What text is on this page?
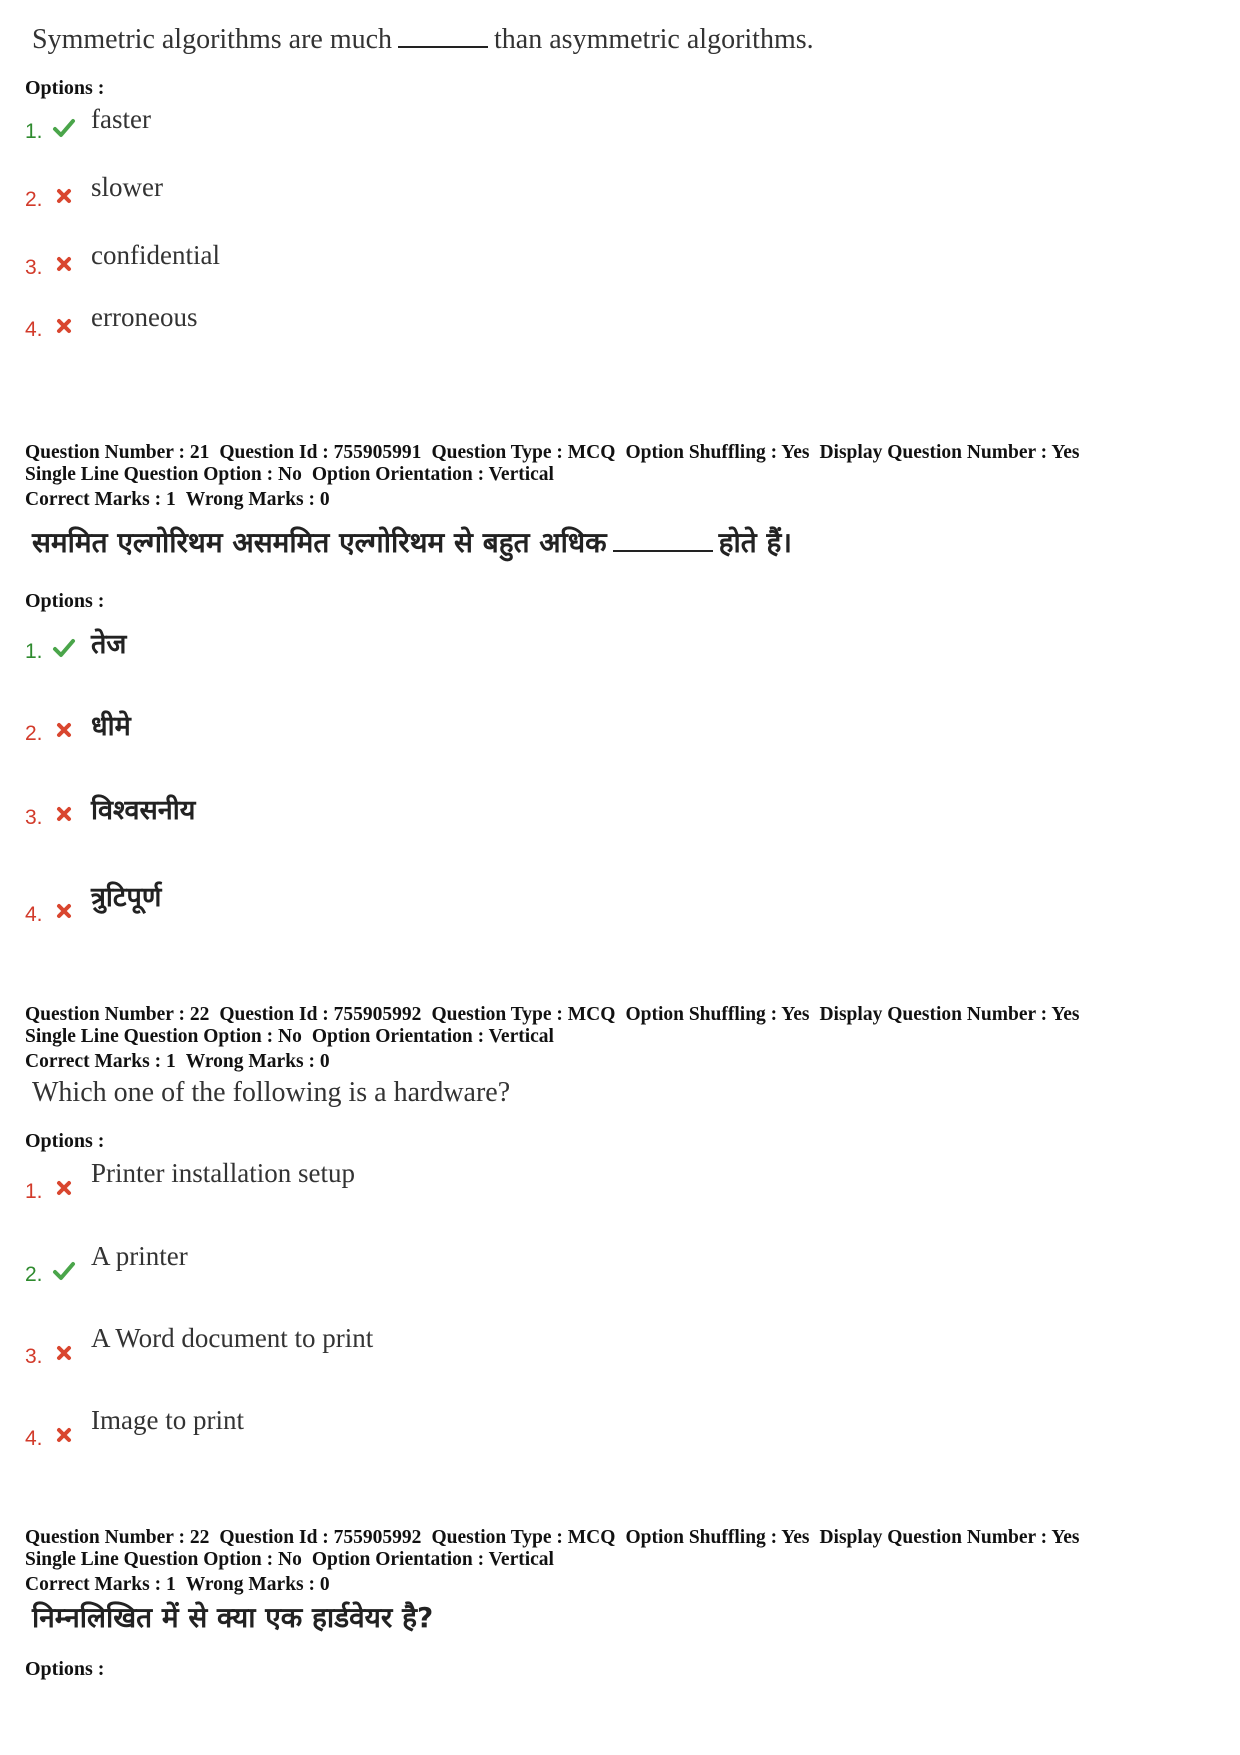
Symmetric algorithms are much	than asymmetric algorithms.
Options :
1. faster
2. slower
3. confidential
4. erroneous
Question Number : 21 Question Id : 755905991 Question Type : MCQ Option Shuffling : Yes Display Question Number : Yes
Single Line Question Option : No Option Orientation : Vertical
Correct Marks : 1 Wrong Marks : 0
सममित एल्गोरिथम असममित एल्गोरिथम से बहुत अधिक	होते हैं।
Options :
1. तेज
2. धीमे
3. विश्वसनीय
4.
त्रुटिपूर्ण
Question Number : 22 Question Id : 755905992 Question Type : MCQ Option Shuffling : Yes Display Question Number : Yes
Single Line Question Option : No Option Orientation : Vertical
Correct Marks : 1 Wrong Marks : 0
Which one of the following is a hardware?
Options :
1.
Printer installation setup
2.
A printer
3.
A Word document to print
4.
Image to print
Question Number : 22 Question Id : 755905992 Question Type : MCQ Option Shuffling : Yes Display Question Number : Yes
Single Line Question Option : No Option Orientation : Vertical
Correct Marks : 1 Wrong Marks : 0
निम्नलिखित में से क्या एक हार्डवेयर है?
Options :
